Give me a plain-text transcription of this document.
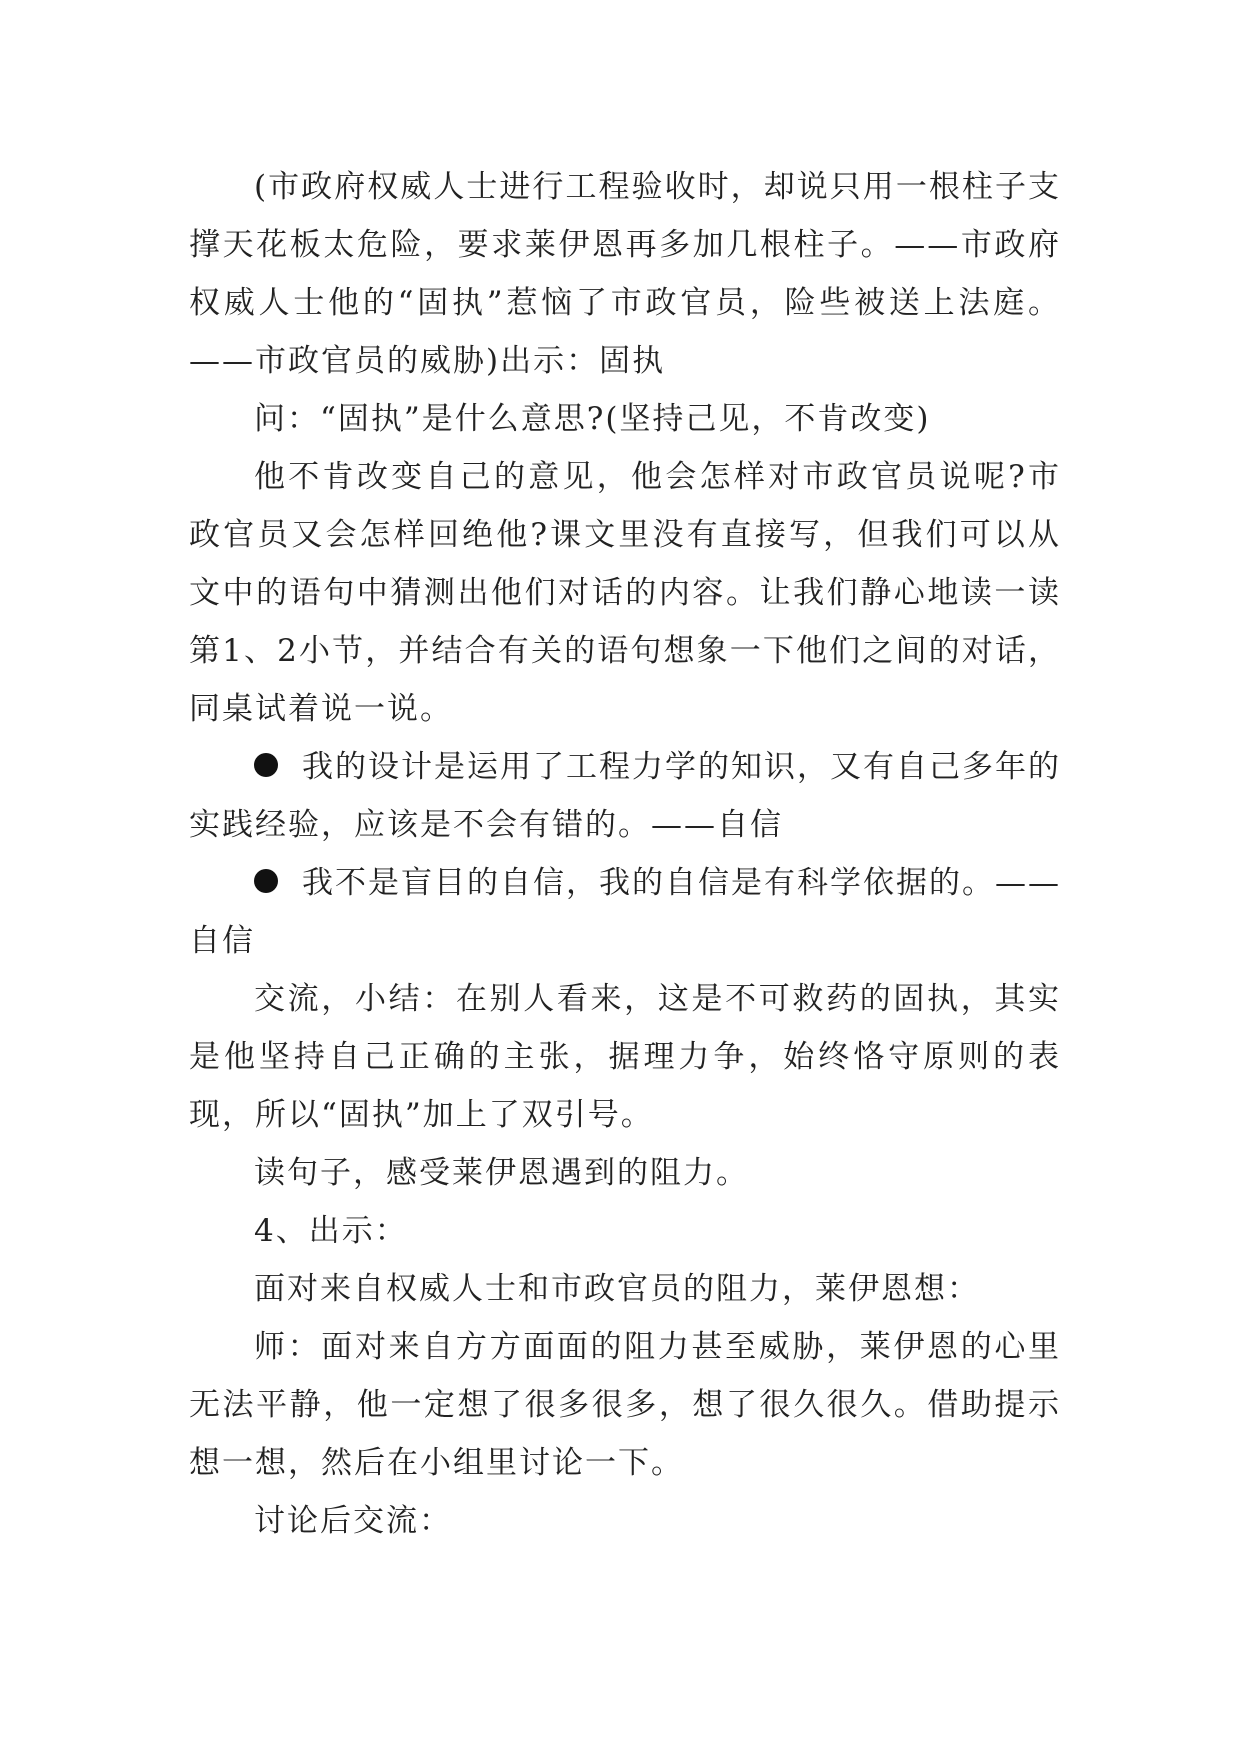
(市政府权威人士进行工程验收时，却说只用一根柱子支撑天花板太危险，要求莱伊恩再多加几根柱子。——市政府权威人士他的“固执”惹恼了市政官员，险些被送上法庭。——市政官员的威胁)出示：固执

问：“固执”是什么意思?(坚持己见，不肯改变)

他不肯改变自己的意见，他会怎样对市政官员说呢?市政官员又会怎样回绝他?课文里没有直接写，但我们可以从文中的语句中猜测出他们对话的内容。让我们静心地读一读第1、2小节，并结合有关的语句想象一下他们之间的对话，同桌试着说一说。

我的设计是运用了工程力学的知识，又有自己多年的实践经验，应该是不会有错的。——自信

我不是盲目的自信，我的自信是有科学依据的。——自信

交流，小结：在别人看来，这是不可救药的固执，其实是他坚持自己正确的主张，据理力争，始终恪守原则的表现，所以“固执”加上了双引号。

读句子，感受莱伊恩遇到的阻力。

4、出示：

面对来自权威人士和市政官员的阻力，莱伊恩想：

师：面对来自方方面面的阻力甚至威胁，莱伊恩的心里无法平静，他一定想了很多很多，想了很久很久。借助提示想一想，然后在小组里讨论一下。

讨论后交流：
